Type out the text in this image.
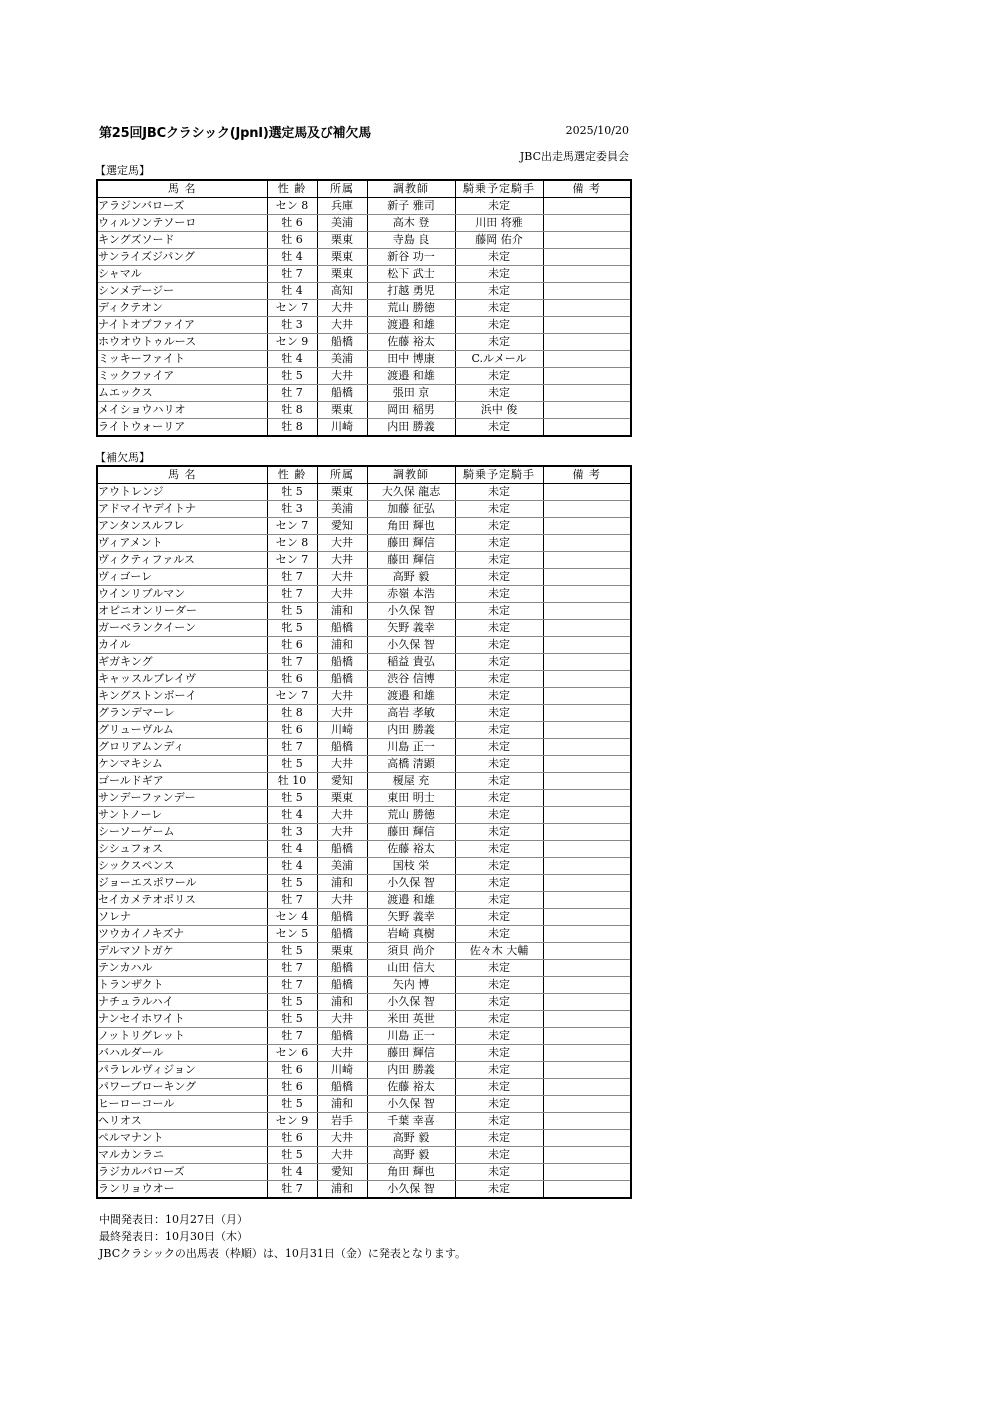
第25回JBCクラシック(JpnⅠ)選定馬及び補欠馬	2025/10/20
JBC出走馬選定委員会
【選定馬】
馬 名	性 齢	所属	調教師	騎乗予定騎手	備 考
アラジンバローズ	セン 8	兵庫	新子 雅司	未定	
ウィルソンテソーロ	牡 6	美浦	高木 登	川田 将雅	
キングズソード	牡 6	栗東	寺島 良	藤岡 佑介	
サンライズジパング	牡 4	栗東	新谷 功一	未定	
シャマル	牡 7	栗東	松下 武士	未定	
シンメデージー	牡 4	高知	打越 勇児	未定	
ディクテオン	セン 7	大井	荒山 勝徳	未定	
ナイトオブファイア	牡 3	大井	渡邉 和雄	未定	
ホウオウトゥルース	セン 9	船橋	佐藤 裕太	未定	
ミッキーファイト	牡 4	美浦	田中 博康	C.ルメール	
ミックファイア	牡 5	大井	渡邉 和雄	未定	
ムエックス	牡 7	船橋	張田 京	未定	
メイショウハリオ	牡 8	栗東	岡田 稲男	浜中 俊	
ライトウォーリア	牡 8	川崎	内田 勝義	未定	
【補欠馬】
馬 名	性 齢	所属	調教師	騎乗予定騎手	備 考
アウトレンジ	牡 5	栗東	大久保 龍志	未定	
アドマイヤデイトナ	牡 3	美浦	加藤 征弘	未定	
アンタンスルフレ	セン 7	愛知	角田 輝也	未定	
ヴィアメント	セン 8	大井	藤田 輝信	未定	
ヴィクティファルス	セン 7	大井	藤田 輝信	未定	
ヴィゴーレ	牡 7	大井	高野 毅	未定	
ウインリブルマン	牡 7	大井	赤嶺 本浩	未定	
オピニオンリーダー	牡 5	浦和	小久保 智	未定	
ガーベランクイーン	牝 5	船橋	矢野 義幸	未定	
カイル	牡 6	浦和	小久保 智	未定	
ギガキング	牡 7	船橋	稲益 貴弘	未定	
キャッスルブレイヴ	牡 6	船橋	渋谷 信博	未定	
キングストンボーイ	セン 7	大井	渡邉 和雄	未定	
グランデマーレ	牡 8	大井	高岩 孝敏	未定	
グリューヴルム	牡 6	川崎	内田 勝義	未定	
グロリアムンディ	牡 7	船橋	川島 正一	未定	
ケンマキシム	牡 5	大井	高橋 清顕	未定	
ゴールドギア	牡 10	愛知	榎屋 充	未定	
サンデーファンデー	牡 5	栗東	東田 明士	未定	
サントノーレ	牡 4	大井	荒山 勝徳	未定	
シーソーゲーム	牡 3	大井	藤田 輝信	未定	
シシュフォス	牡 4	船橋	佐藤 裕太	未定	
シックスペンス	牡 4	美浦	国枝 栄	未定	
ジョーエスポワール	牡 5	浦和	小久保 智	未定	
セイカメテオポリス	牡 7	大井	渡邉 和雄	未定	
ソレナ	セン 4	船橋	矢野 義幸	未定	
ツウカイノキズナ	セン 5	船橋	岩崎 真樹	未定	
デルマソトガケ	牡 5	栗東	須貝 尚介	佐々木 大輔	
テンカハル	牡 7	船橋	山田 信大	未定	
トランザクト	牡 7	船橋	矢内 博	未定	
ナチュラルハイ	牡 5	浦和	小久保 智	未定	
ナンセイホワイト	牡 5	大井	米田 英世	未定	
ノットリグレット	牡 7	船橋	川島 正一	未定	
バハルダール	セン 6	大井	藤田 輝信	未定	
パラレルヴィジョン	牡 6	川崎	内田 勝義	未定	
パワーブローキング	牡 6	船橋	佐藤 裕太	未定	
ヒーローコール	牡 5	浦和	小久保 智	未定	
ヘリオス	セン 9	岩手	千葉 幸喜	未定	
ペルマナント	牡 6	大井	高野 毅	未定	
マルカンラニ	牡 5	大井	高野 毅	未定	
ラジカルバローズ	牡 4	愛知	角田 輝也	未定	
ランリョウオー	牡 7	浦和	小久保 智	未定	
中間発表日：10月27日（月）
最終発表日：10月30日（木）
JBCクラシックの出馬表（枠順）は、10月31日（金）に発表となります。
